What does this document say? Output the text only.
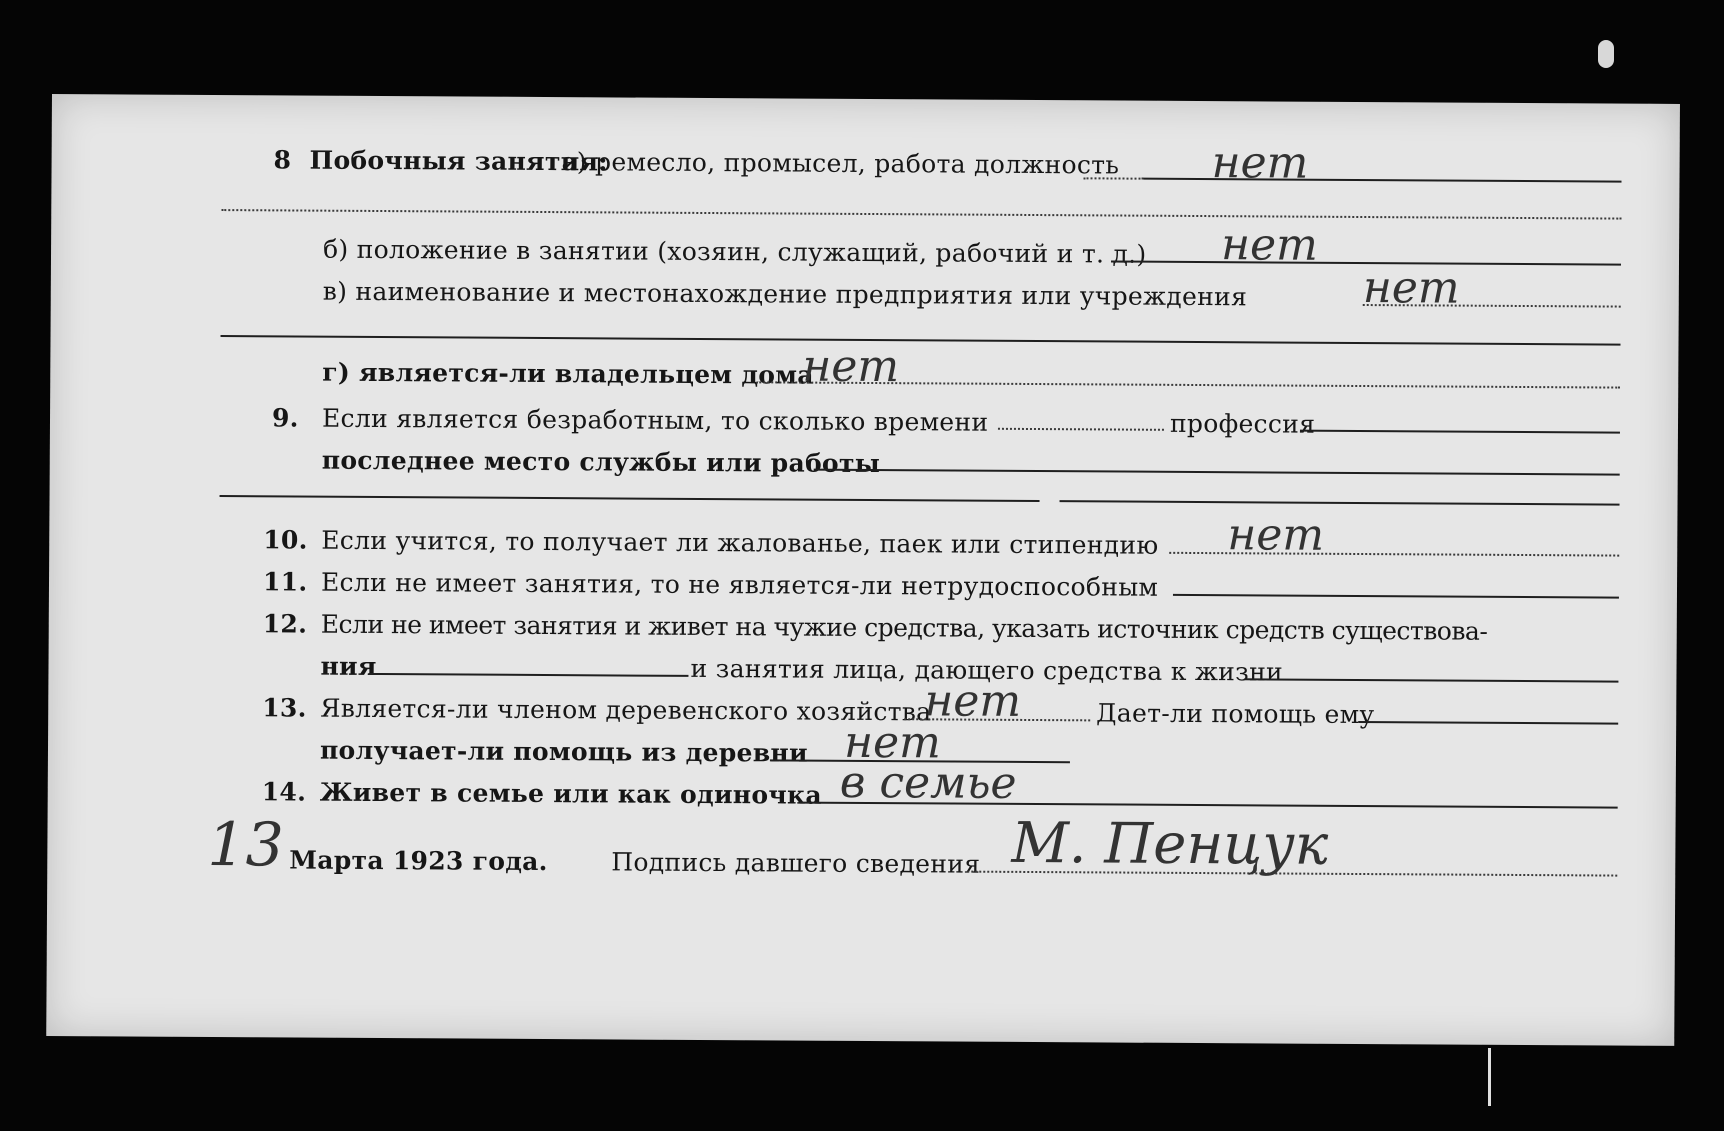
8 Побочныя занятия:
а) ремесло, промысел, работа должность нет
б) положение в занятии (хозяин, служащий, рабочий и т. д.) нет
в) наименование и местонахождение предприятия или учреждения	нет
г) является-ли владельцем дома
нет
9. Если является безработным, то сколько времени	профессия
последнее место службы или работы
10. Если учится, то получает ли жалованье, паек или стипендию нет
11. Если не имеет занятия, то не является-ли нетрудоспособным
12. Если не имеет занятия и живет на чужие средства, указать источник средств существова-
ния	и занятия лица, дающего средства к жизни
13. Является-ли членом деревенского хозяйства
нет	Дает-ли помощь ему
получает-ли помощь из деревни нет
14. Живет в семье или как одиночка в семье
13 Марта 1923 года.	Подпись давшего сведения М. Пенцук
